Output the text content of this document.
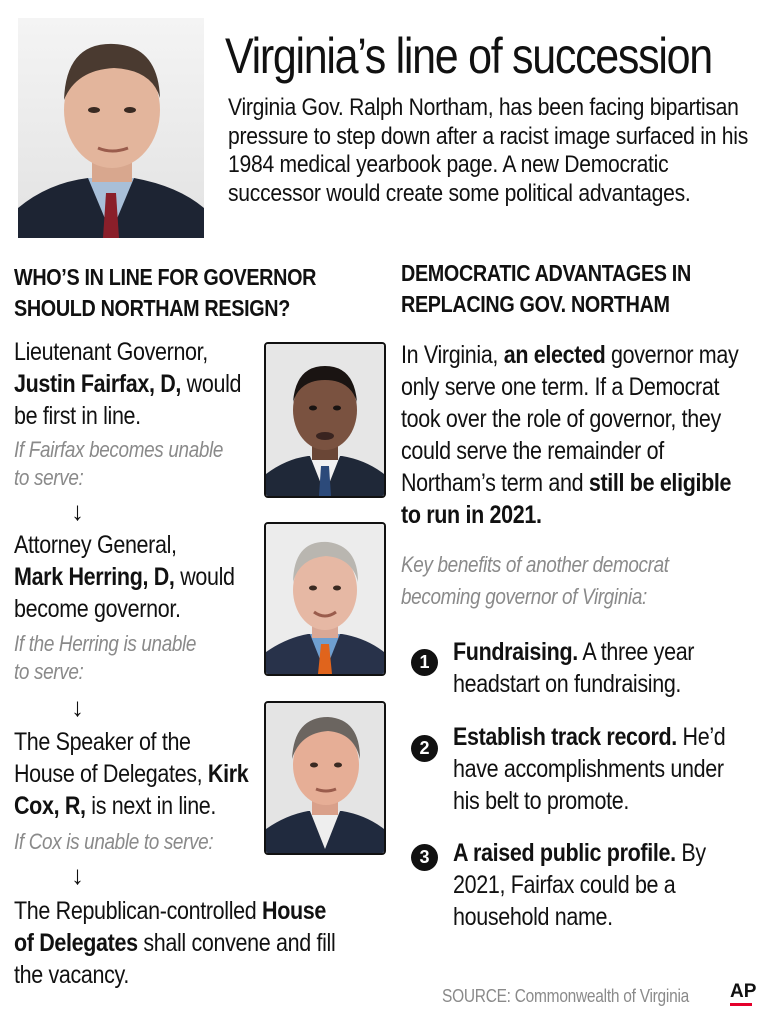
Virginia’s line of succession
Virginia Gov. Ralph Northam, has been facing bipartisan pressure to step down after a racist image surfaced in his 1984 medical yearbook page. A new Democratic successor would create some political advantages.
WHO’S IN LINE FOR GOVERNOR
SHOULD NORTHAM RESIGN?
Lieutenant Governor,
Justin Fairfax, D, would
be first in line.
If Fairfax becomes unable
to serve:
↓
Attorney General,
Mark Herring, D, would
become governor.
If the Herring is unable
to serve:
↓
The Speaker of the
House of Delegates, Kirk
Cox, R, is next in line.
If Cox is unable to serve:
↓
The Republican-controlled House
of Delegates shall convene and fill
the vacancy.
DEMOCRATIC ADVANTAGES IN
REPLACING GOV. NORTHAM
In Virginia, an elected governor may
only serve one term. If a Democrat
took over the role of governor, they
could serve the remainder of
Northam’s term and still be eligible
to run in 2021.
Key benefits of another democrat
becoming governor of Virginia:
1 Fundraising. A three year
headstart on fundraising.
2 Establish track record. He’d
have accomplishments under
his belt to promote.
3 A raised public profile. By
2021, Fairfax could be a
household name.
SOURCE: Commonwealth of Virginia AP
